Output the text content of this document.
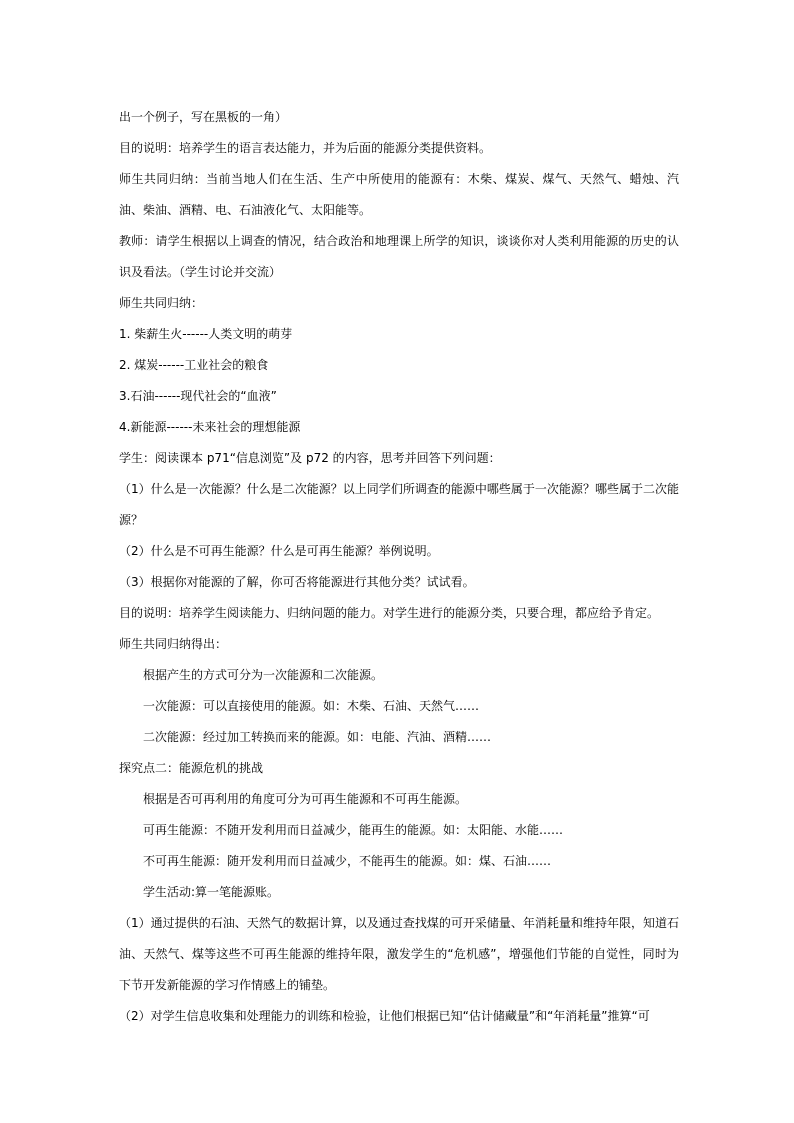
出一个例子，写在黑板的一角）

目的说明：培养学生的语言表达能力，并为后面的能源分类提供资料。

师生共同归纳：当前当地人们在生活、生产中所使用的能源有：木柴、煤炭、煤气、天然气、蜡烛、汽油、柴油、酒精、电、石油液化气、太阳能等。

教师：请学生根据以上调查的情况，结合政治和地理课上所学的知识，谈谈你对人类利用能源的历史的认识及看法。（学生讨论并交流）

师生共同归纳：

1. 柴薪生火------人类文明的萌芽

2. 煤炭------工业社会的粮食

3.石油------现代社会的“血液”

4.新能源------未来社会的理想能源

学生：阅读课本 p71“信息浏览”及 p72 的内容，思考并回答下列问题：

（1）什么是一次能源？什么是二次能源？以上同学们所调查的能源中哪些属于一次能源？哪些属于二次能源？

（2）什么是不可再生能源？什么是可再生能源？举例说明。

（3）根据你对能源的了解，你可否将能源进行其他分类？试试看。

目的说明：培养学生阅读能力、归纳问题的能力。对学生进行的能源分类，只要合理，都应给予肯定。

师生共同归纳得出：

根据产生的方式可分为一次能源和二次能源。

一次能源：可以直接使用的能源。如：木柴、石油、天然气……

二次能源：经过加工转换而来的能源。如：电能、汽油、酒精……

探究点二：能源危机的挑战

根据是否可再利用的角度可分为可再生能源和不可再生能源。

可再生能源：不随开发利用而日益减少，能再生的能源。如：太阳能、水能……

不可再生能源：随开发利用而日益减少，不能再生的能源。如：煤、石油……

学生活动:算一笔能源账。

（1）通过提供的石油、天然气的数据计算，以及通过查找煤的可开采储量、年消耗量和维持年限，知道石油、天然气、煤等这些不可再生能源的维持年限，激发学生的“危机感”，增强他们节能的自觉性，同时为下节开发新能源的学习作情感上的铺垫。

（2）对学生信息收集和处理能力的训练和检验，让他们根据已知“估计储藏量”和“年消耗量”推算“可
